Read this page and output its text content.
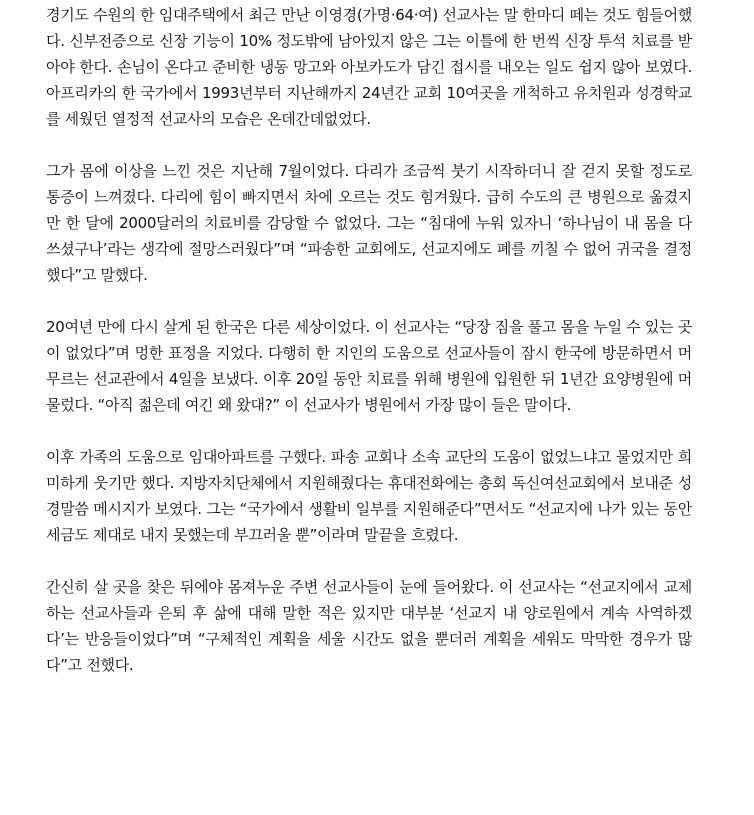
경기도 수원의 한 임대주택에서 최근 만난 이영경(가명·64·여) 선교사는 말 한마디 떼는 것도 힘들어했다. 신부전증으로 신장 기능이 10% 정도밖에 남아있지 않은 그는 이틀에 한 번씩 신장 투석 치료를 받아야 한다. 손님이 온다고 준비한 냉동 망고와 아보카도가 담긴 접시를 내오는 일도 쉽지 않아 보였다. 아프리카의 한 국가에서 1993년부터 지난해까지 24년간 교회 10여곳을 개척하고 유치원과 성경학교를 세웠던 열정적 선교사의 모습은 온데간데없었다.

그가 몸에 이상을 느낀 것은 지난해 7월이었다. 다리가 조금씩 붓기 시작하더니 잘 걷지 못할 정도로 통증이 느껴졌다. 다리에 힘이 빠지면서 차에 오르는 것도 힘겨웠다. 급히 수도의 큰 병원으로 옮겼지만 한 달에 2000달러의 치료비를 감당할 수 없었다. 그는 “침대에 누워 있자니 ‘하나님이 내 몸을 다 쓰셨구나’라는 생각에 절망스러웠다”며 “파송한 교회에도, 선교지에도 폐를 끼칠 수 없어 귀국을 결정했다”고 말했다.

20여년 만에 다시 살게 된 한국은 다른 세상이었다. 이 선교사는 “당장 짐을 풀고 몸을 누일 수 있는 곳이 없었다”며 멍한 표정을 지었다. 다행히 한 지인의 도움으로 선교사들이 잠시 한국에 방문하면서 머무르는 선교관에서 4일을 보냈다. 이후 20일 동안 치료를 위해 병원에 입원한 뒤 1년간 요양병원에 머물렀다. “아직 젊은데 여긴 왜 왔대?” 이 선교사가 병원에서 가장 많이 들은 말이다.

이후 가족의 도움으로 임대아파트를 구했다. 파송 교회나 소속 교단의 도움이 없었느냐고 물었지만 희미하게 웃기만 했다. 지방자치단체에서 지원해줬다는 휴대전화에는 총회 독신여선교회에서 보내준 성경말씀 메시지가 보였다. 그는 “국가에서 생활비 일부를 지원해준다”면서도 “선교지에 나가 있는 동안 세금도 제대로 내지 못했는데 부끄러울 뿐”이라며 말끝을 흐렸다.

간신히 살 곳을 찾은 뒤에야 몸져누운 주변 선교사들이 눈에 들어왔다. 이 선교사는 “선교지에서 교제하는 선교사들과 은퇴 후 삶에 대해 말한 적은 있지만 대부분 ‘선교지 내 양로원에서 계속 사역하겠다’는 반응들이었다”며 “구체적인 계획을 세울 시간도 없을 뿐더러 계획을 세워도 막막한 경우가 많다”고 전했다.
